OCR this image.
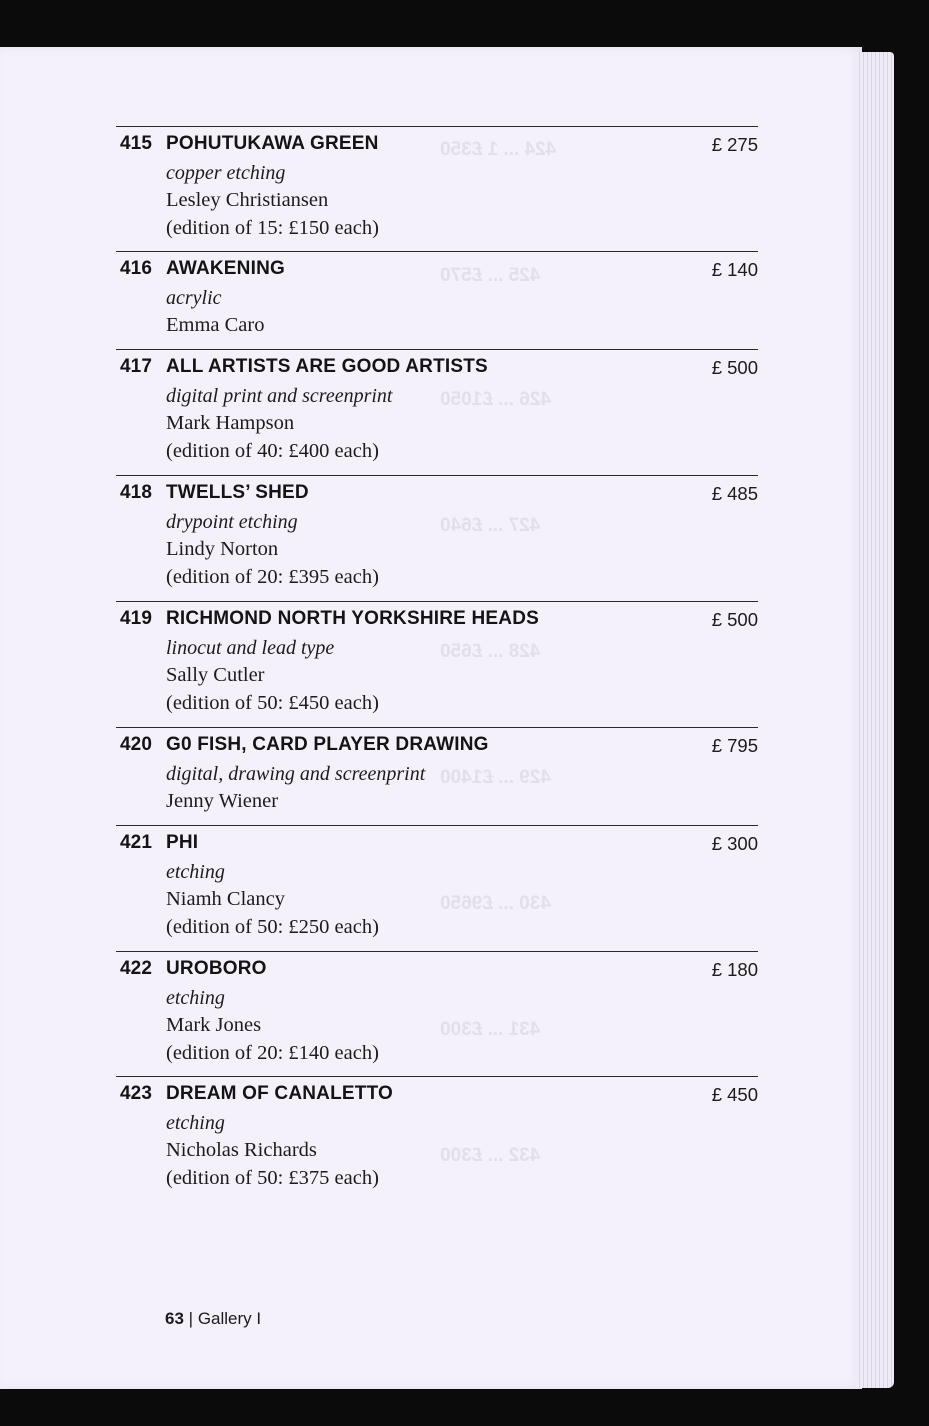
424 ... 1 £350
425 ... £570
426 ... £1050
427 ... £640
428 ... £650
429 ... £1400
430 ... £9650
431 ... £300
432 ... £300
415 POHUTUKAWA GREEN	£ 275
copper etching
Lesley Christiansen
(edition of 15: £150 each)
416 AWAKENING	£ 140
acrylic
Emma Caro
417 ALL ARTISTS ARE GOOD ARTISTS	£ 500
digital print and screenprint
Mark Hampson
(edition of 40: £400 each)
418 TWELLS’ SHED	£ 485
drypoint etching
Lindy Norton
(edition of 20: £395 each)
419 RICHMOND NORTH YORKSHIRE HEADS	£ 500
linocut and lead type
Sally Cutler
(edition of 50: £450 each)
420 G0 FISH, CARD PLAYER DRAWING	£ 795
digital, drawing and screenprint
Jenny Wiener
421 PHI	£ 300
etching
Niamh Clancy
(edition of 50: £250 each)
422 UROBORO	£ 180
etching
Mark Jones
(edition of 20: £140 each)
423 DREAM OF CANALETTO	£ 450
etching
Nicholas Richards
(edition of 50: £375 each)
63 | Gallery I
